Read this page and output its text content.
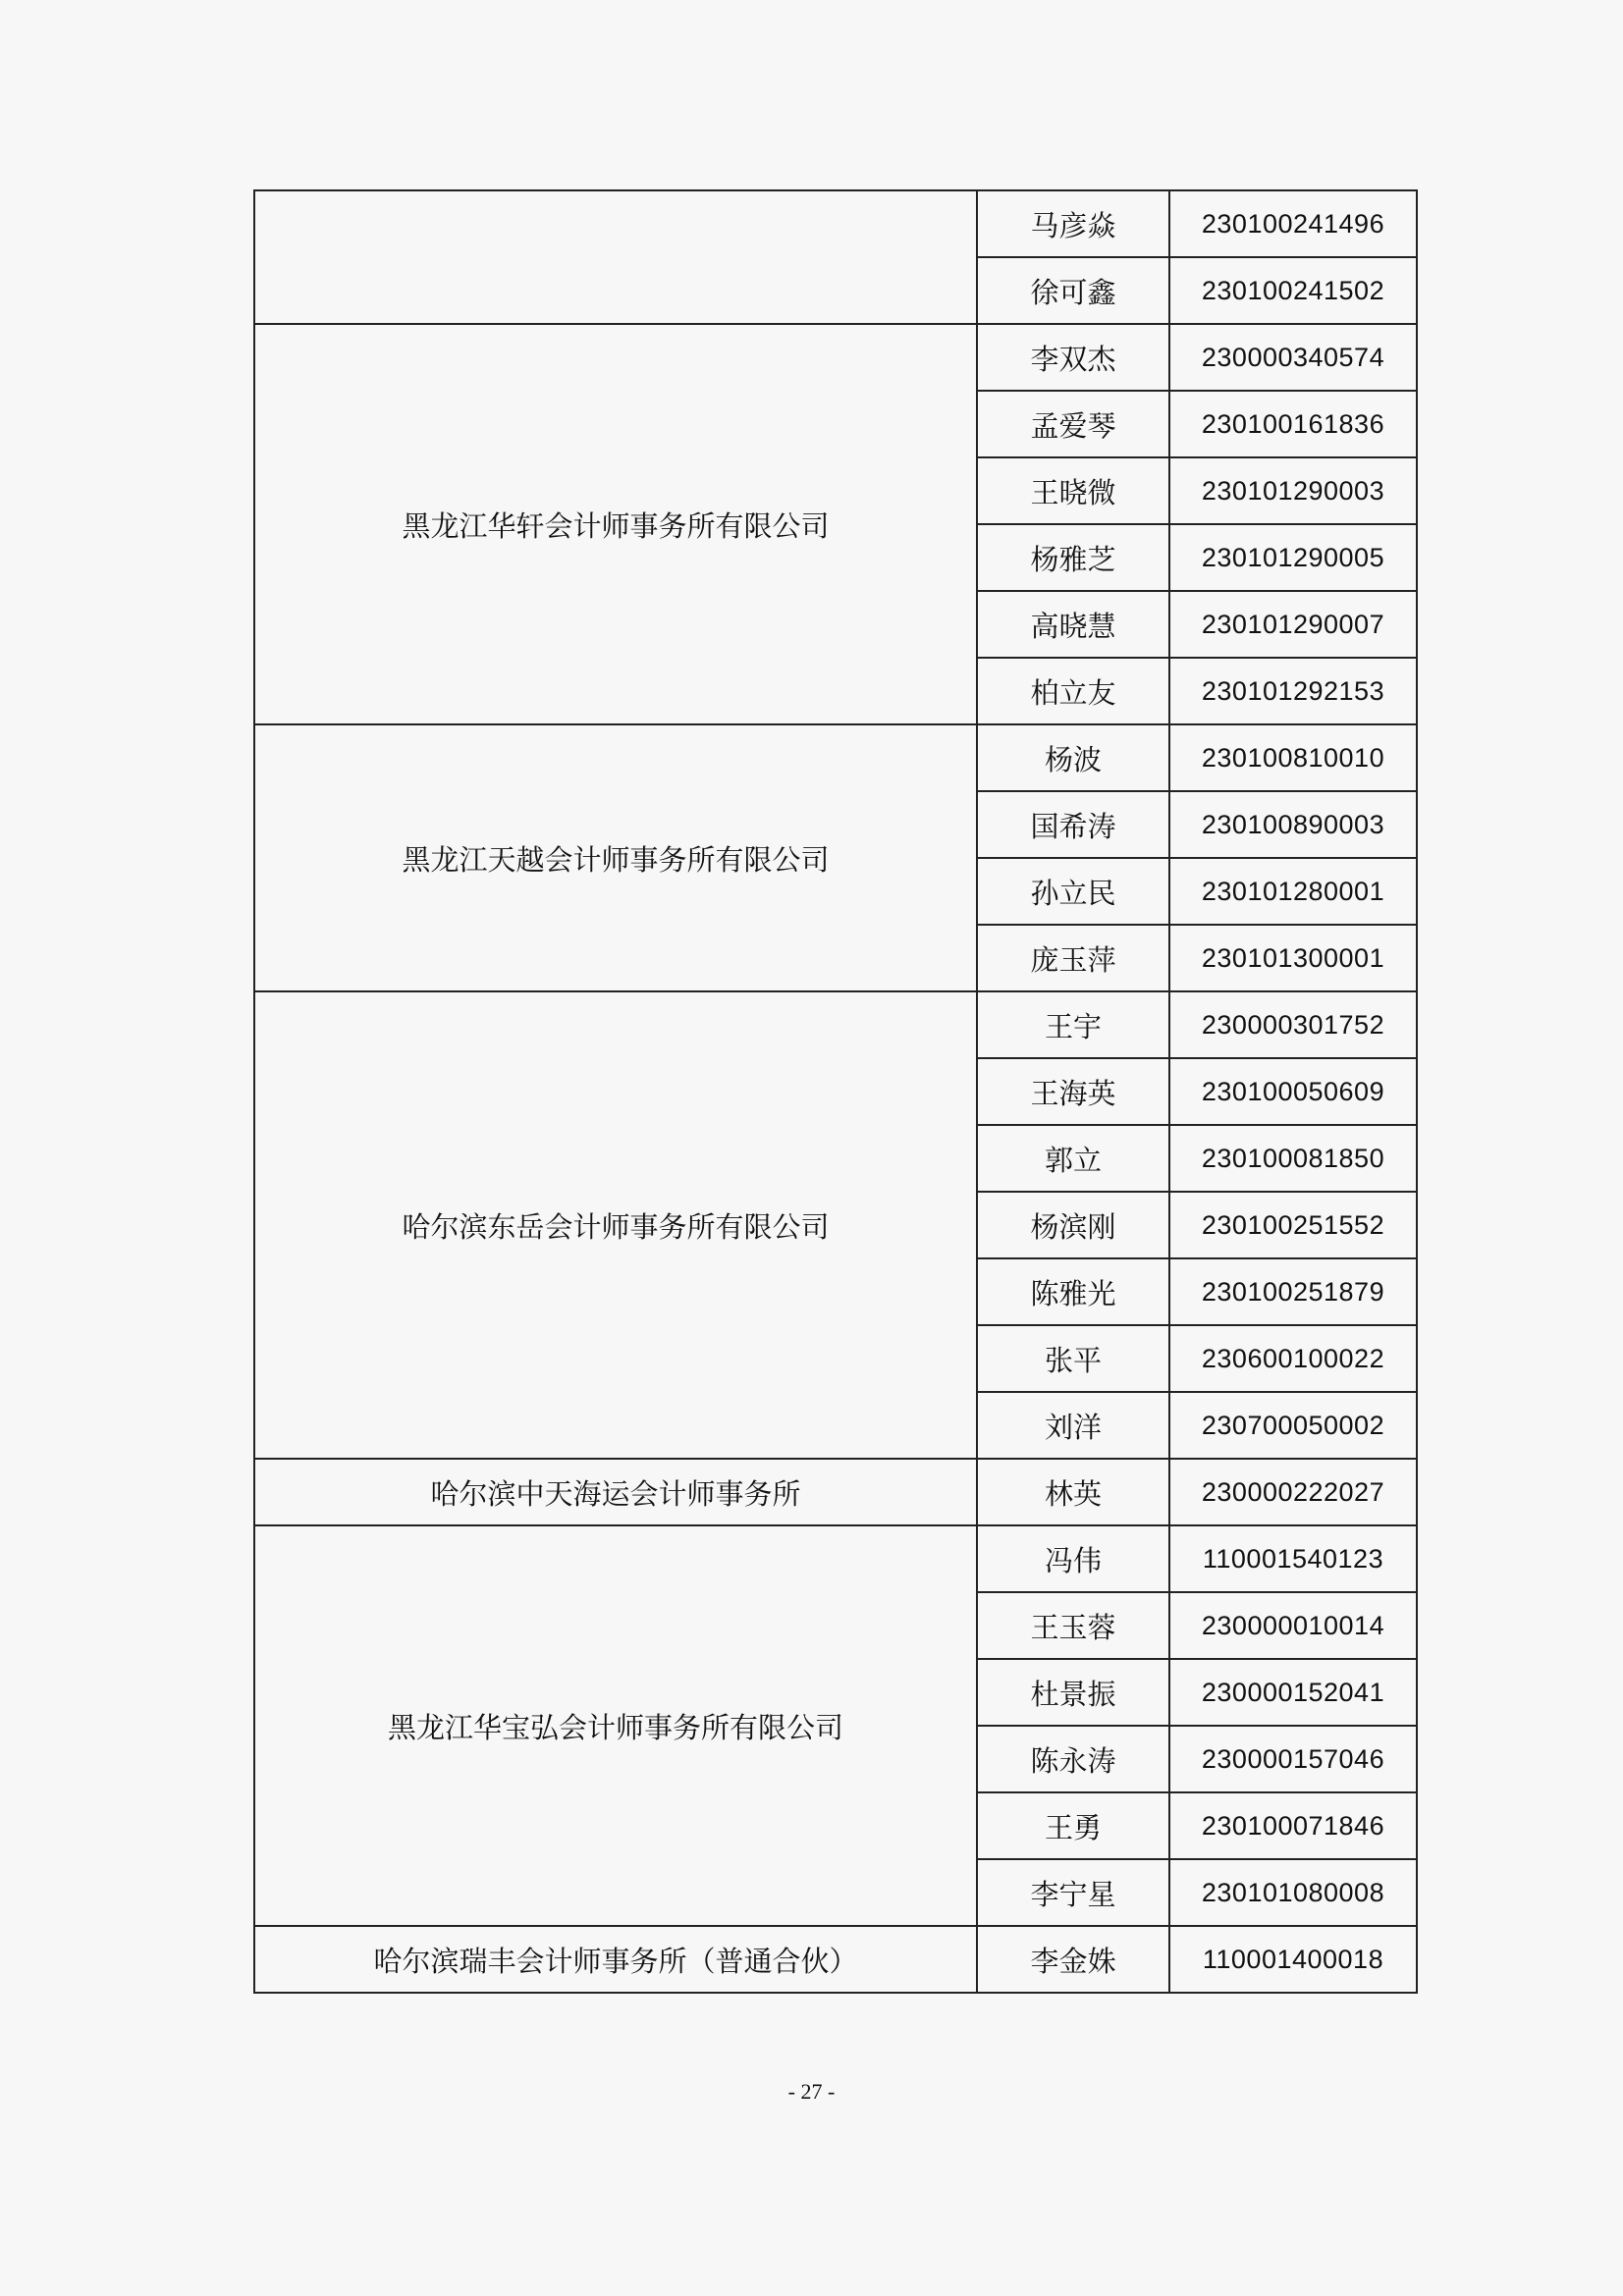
	马彦焱	230100241496
	徐可鑫	230100241502
黑龙江华轩会计师事务所有限公司	李双杰	230000340574
	孟爱琴	230100161836
	王晓微	230101290003
	杨雅芝	230101290005
	高晓慧	230101290007
	柏立友	230101292153
黑龙江天越会计师事务所有限公司	杨波	230100810010
	国希涛	230100890003
	孙立民	230101280001
	庞玉萍	230101300001
哈尔滨东岳会计师事务所有限公司	王宇	230000301752
	王海英	230100050609
	郭立	230100081850
	杨滨刚	230100251552
	陈雅光	230100251879
	张平	230600100022
	刘洋	230700050002
哈尔滨中天海运会计师事务所	林英	230000222027
黑龙江华宝弘会计师事务所有限公司	冯伟	110001540123
	王玉蓉	230000010014
	杜景振	230000152041
	陈永涛	230000157046
	王勇	230100071846
	李宁星	230101080008
哈尔滨瑞丰会计师事务所（普通合伙）	李金姝	110001400018
- 27 -
